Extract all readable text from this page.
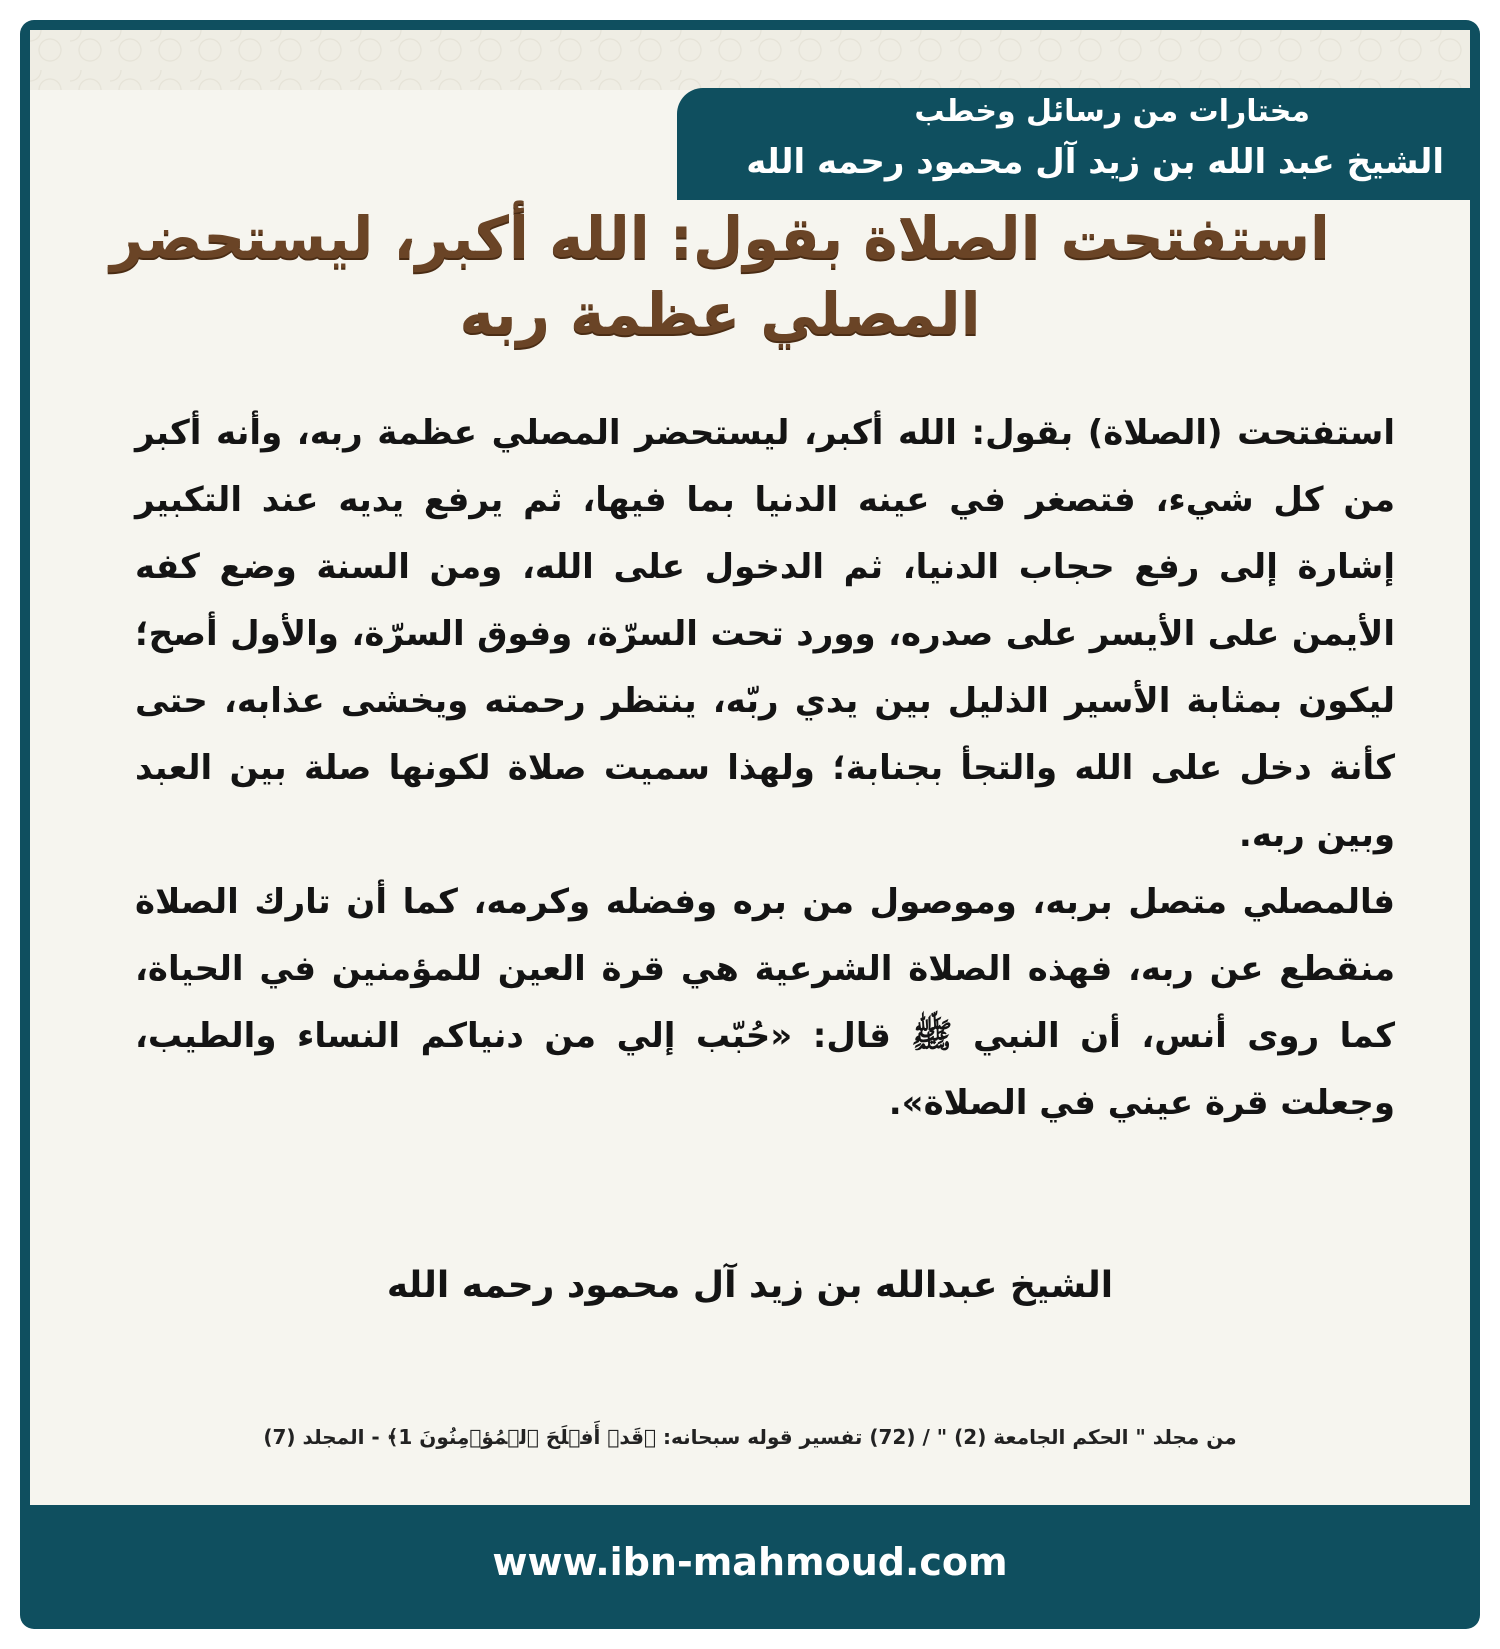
مختارات من رسائل وخطب
الشيخ عبد الله بن زيد آل محمود رحمه الله
استفتحت الصلاة بقول: الله أكبر، ليستحضر
المصلي عظمة ربه

استفتحت (الصلاة) بقول: الله أكبر، ليستحضر المصلي عظمة ربه، وأنه أكبر من كل شيء، فتصغر في عينه الدنيا بما فيها، ثم يرفع يديه عند التكبير إشارة إلى رفع حجاب الدنيا، ثم الدخول على الله، ومن السنة وضع كفه الأيمن على الأيسر على صدره، وورد تحت السرّة، وفوق السرّة، والأول أصح؛ ليكون بمثابة الأسير الذليل بين يدي ربّه، ينتظر رحمته ويخشى عذابه، حتى كأنة دخل على الله والتجأ بجنابة؛ ولهذا سميت صلاة لكونها صلة بين العبد وبين ربه.

فالمصلي متصل بربه، وموصول من بره وفضله وكرمه، كما أن تارك الصلاة منقطع عن ربه، فهذه الصلاة الشرعية هي قرة العين للمؤمنين في الحياة، كما روى أنس، أن النبي ﷺ قال: «حُبّب إلي من دنياكم النساء والطيب، وجعلت قرة عيني في الصلاة».

الشيخ عبدالله بن زيد آل محمود رحمه الله
من مجلد " الحكم الجامعة (2) " / (72) تفسير قوله سبحانه: ﴿قَدۡ أَفۡلَحَ ٱلۡمُؤۡمِنُونَ 1﴾ - المجلد (7)
www.ibn-mahmoud.com
